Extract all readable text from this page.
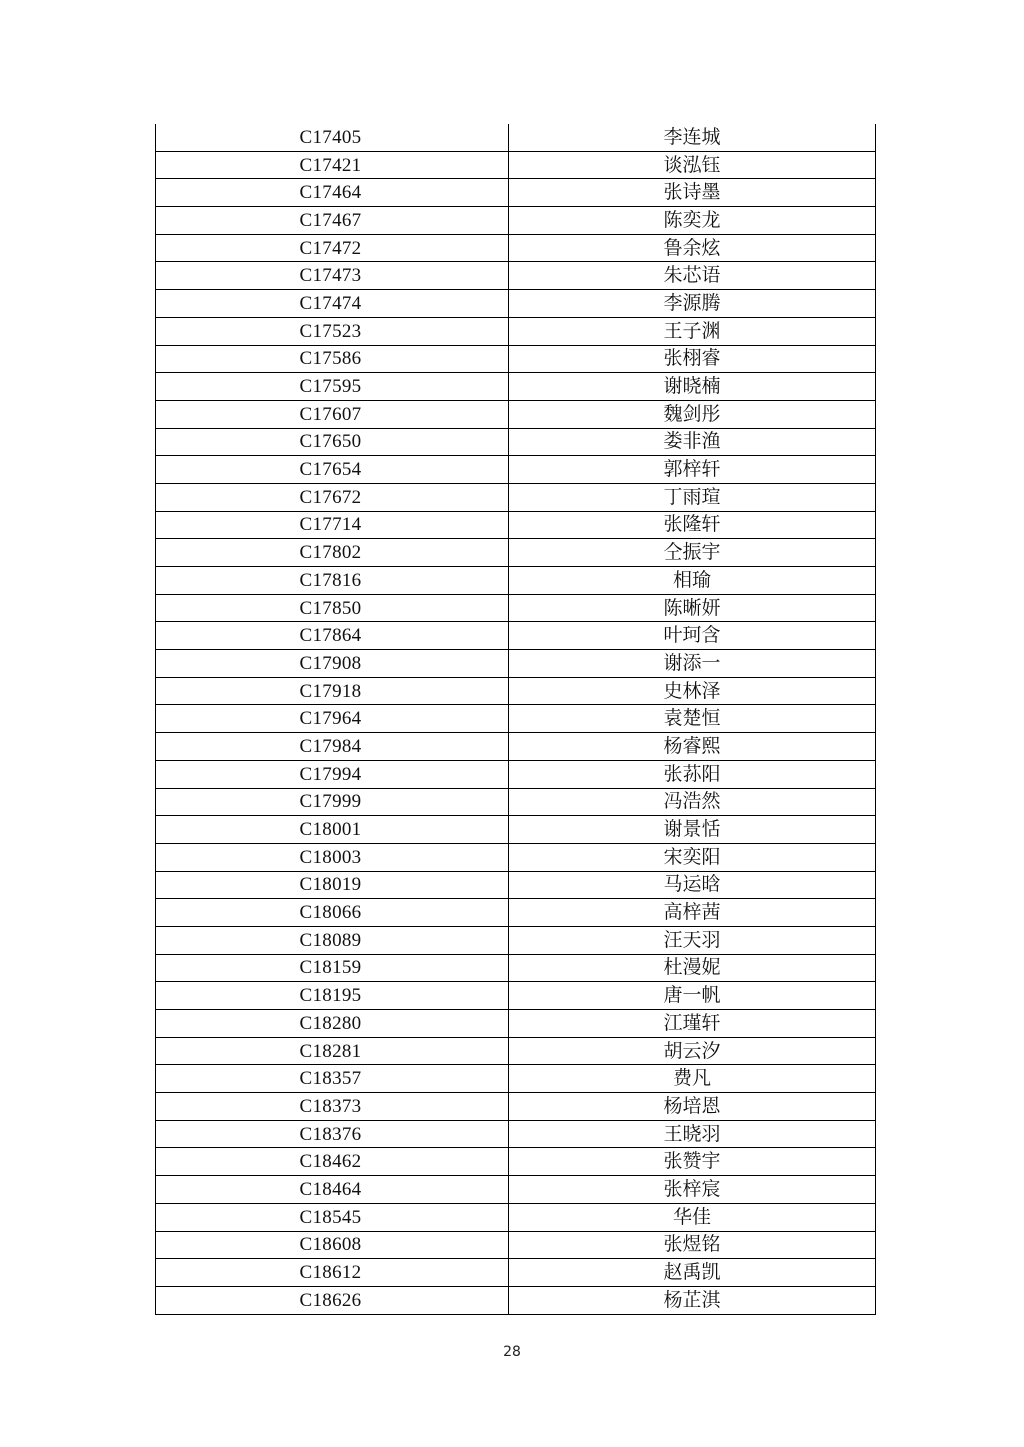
C17405	李连城
C17421	谈泓钰
C17464	张诗墨
C17467	陈奕龙
C17472	鲁余炫
C17473	朱芯语
C17474	李源腾
C17523	王子渊
C17586	张栩睿
C17595	谢晓楠
C17607	魏剑彤
C17650	娄非渔
C17654	郭梓轩
C17672	丁雨瑄
C17714	张隆轩
C17802	仝振宇
C17816	相瑜
C17850	陈晰妍
C17864	叶珂含
C17908	谢添一
C17918	史林泽
C17964	袁楚恒
C17984	杨睿熙
C17994	张荪阳
C17999	冯浩然
C18001	谢景恬
C18003	宋奕阳
C18019	马运晗
C18066	高梓茜
C18089	汪天羽
C18159	杜漫妮
C18195	唐一帆
C18280	江瑾轩
C18281	胡云汐
C18357	费凡
C18373	杨培恩
C18376	王晓羽
C18462	张赞宇
C18464	张梓宸
C18545	华佳
C18608	张煜铭
C18612	赵禹凯
C18626	杨芷淇
28
